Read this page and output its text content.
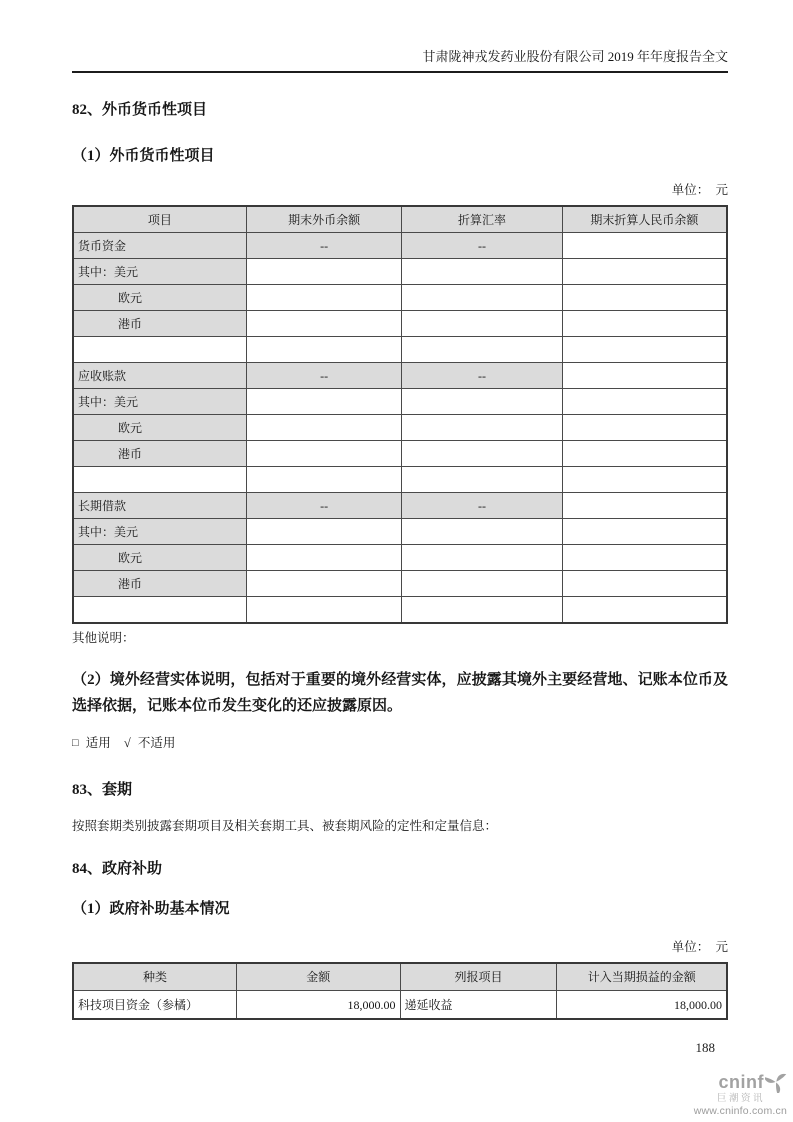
甘肃陇神戎发药业股份有限公司 2019 年年度报告全文
82、外币货币性项目
（1）外币货币性项目
单位：  元
项目	期末外币余额	折算汇率	期末折算人民币余额
货币资金	--	--	
其中：美元			
欧元			
港币			

应收账款	--	--	
其中：美元			
欧元			
港币			

长期借款	--	--	
其中：美元			
欧元			
港币			

其他说明：
（2）境外经营实体说明，包括对于重要的境外经营实体，应披露其境外主要经营地、记账本位币及选择依据，记账本位币发生变化的还应披露原因。
□ 适用 √ 不适用
83、套期

按照套期类别披露套期项目及相关套期工具、被套期风险的定性和定量信息：

84、政府补助
（1）政府补助基本情况
单位：  元
种类	金额	列报项目	计入当期损益的金额
科技项目资金（参橘）	18,000.00	递延收益	18,000.00
188
cninf
巨潮资讯
www.cninfo.com.cn
